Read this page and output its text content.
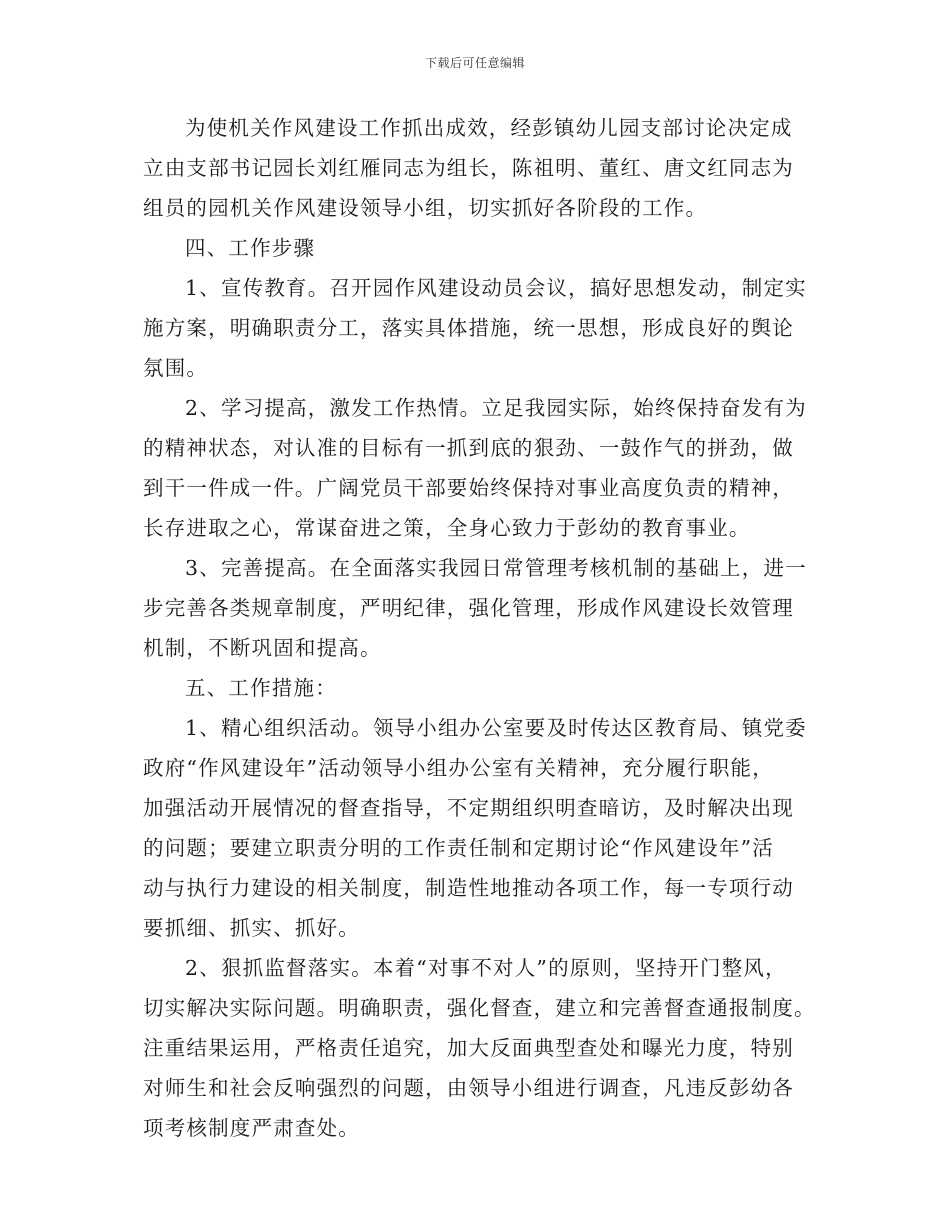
下载后可任意编辑
为使机关作风建设工作抓出成效，经彭镇幼儿园支部讨论决定成
立由支部书记园长刘红雁同志为组长，陈祖明、董红、唐文红同志为
组员的园机关作风建设领导小组，切实抓好各阶段的工作。
四、工作步骤
1、宣传教育。召开园作风建设动员会议，搞好思想发动，制定实
施方案，明确职责分工，落实具体措施，统一思想，形成良好的舆论
氛围。
2、学习提高，激发工作热情。立足我园实际，始终保持奋发有为
的精神状态，对认准的目标有一抓到底的狠劲、一鼓作气的拼劲，做
到干一件成一件。广阔党员干部要始终保持对事业高度负责的精神，
长存进取之心，常谋奋进之策，全身心致力于彭幼的教育事业。
3、完善提高。在全面落实我园日常管理考核机制的基础上，进一
步完善各类规章制度，严明纪律，强化管理，形成作风建设长效管理
机制，不断巩固和提高。
五、工作措施：
1、精心组织活动。领导小组办公室要及时传达区教育局、镇党委
政府“作风建设年”活动领导小组办公室有关精神，充分履行职能，
加强活动开展情况的督查指导，不定期组织明查暗访，及时解决出现
的问题；要建立职责分明的工作责任制和定期讨论“作风建设年”活
动与执行力建设的相关制度，制造性地推动各项工作，每一专项行动
要抓细、抓实、抓好。
2、狠抓监督落实。本着“对事不对人”的原则，坚持开门整风，
切实解决实际问题。明确职责，强化督查，建立和完善督查通报制度。
注重结果运用，严格责任追究，加大反面典型查处和曝光力度，特别
对师生和社会反响强烈的问题，由领导小组进行调查，凡违反彭幼各
项考核制度严肃查处。
